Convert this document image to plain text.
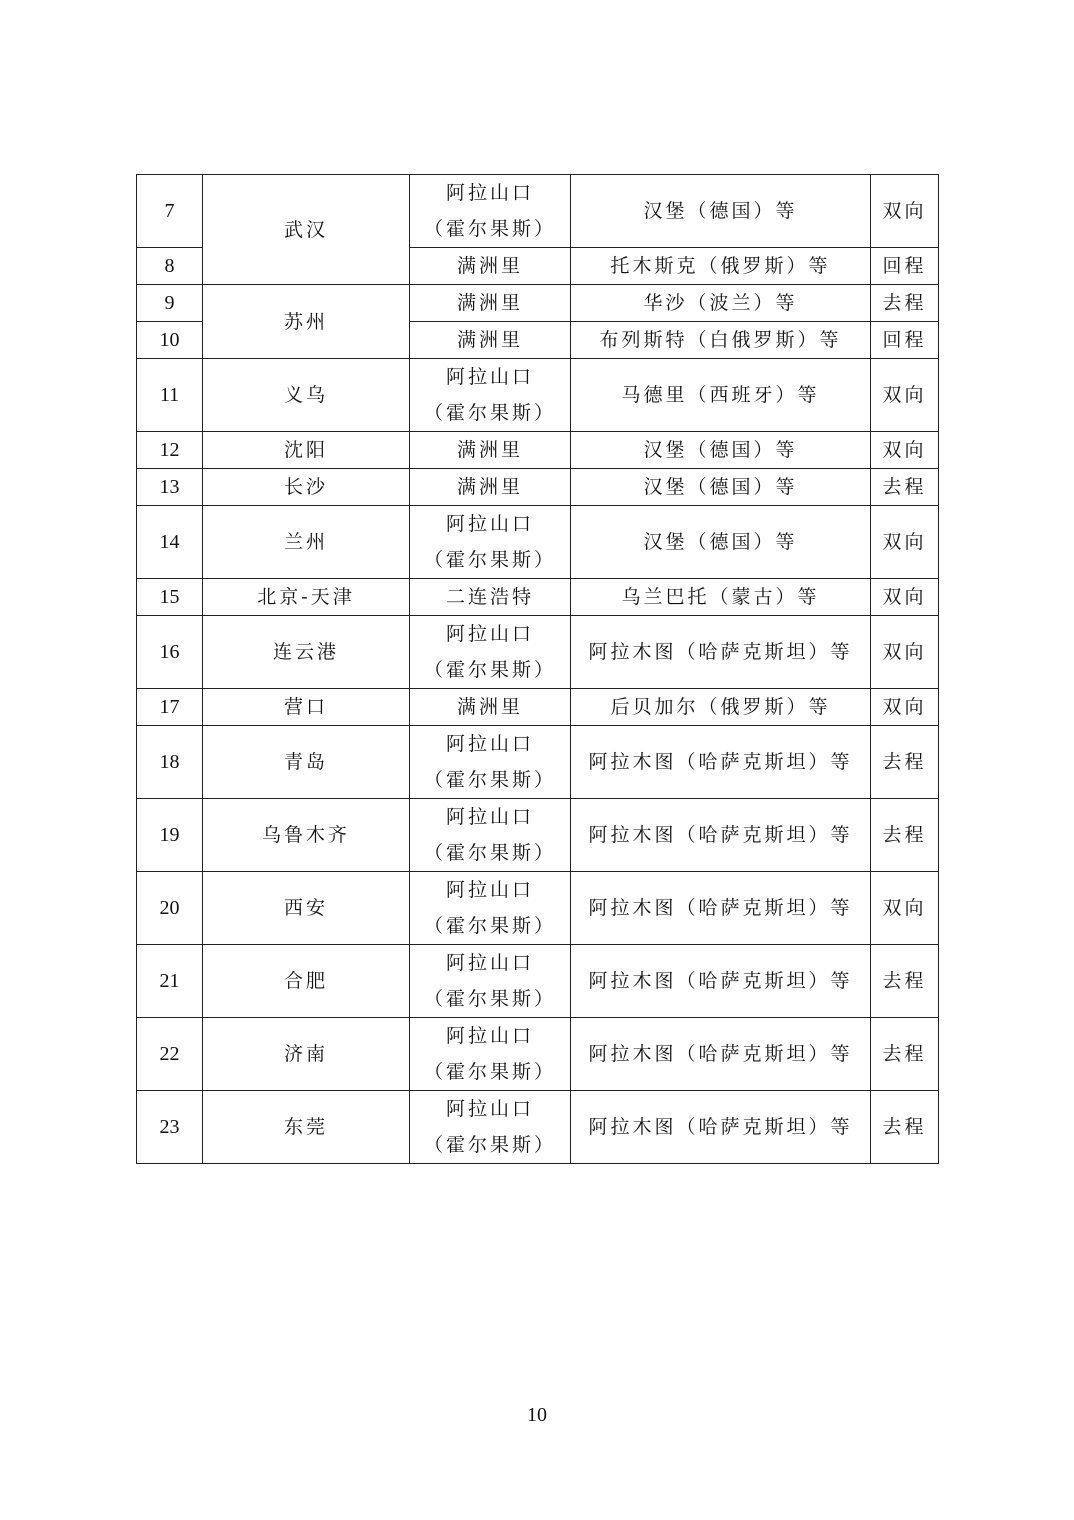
7	武汉	阿拉山口
（霍尔果斯）	汉堡（德国）等	双向
8		满洲里	托木斯克（俄罗斯）等	回程
9	苏州	满洲里	华沙（波兰）等	去程
10		满洲里	布列斯特（白俄罗斯）等	回程
11	义乌	阿拉山口
（霍尔果斯）	马德里（西班牙）等	双向
12	沈阳	满洲里	汉堡（德国）等	双向
13	长沙	满洲里	汉堡（德国）等	去程
14	兰州	阿拉山口
（霍尔果斯）	汉堡（德国）等	双向
15	北京-天津	二连浩特	乌兰巴托（蒙古）等	双向
16	连云港	阿拉山口
（霍尔果斯）	阿拉木图（哈萨克斯坦）等	双向
17	营口	满洲里	后贝加尔（俄罗斯）等	双向
18	青岛	阿拉山口
（霍尔果斯）	阿拉木图（哈萨克斯坦）等	去程
19	乌鲁木齐	阿拉山口
（霍尔果斯）	阿拉木图（哈萨克斯坦）等	去程
20	西安	阿拉山口
（霍尔果斯）	阿拉木图（哈萨克斯坦）等	双向
21	合肥	阿拉山口
（霍尔果斯）	阿拉木图（哈萨克斯坦）等	去程
22	济南	阿拉山口
（霍尔果斯）	阿拉木图（哈萨克斯坦）等	去程
23	东莞	阿拉山口
（霍尔果斯）	阿拉木图（哈萨克斯坦）等	去程
10
